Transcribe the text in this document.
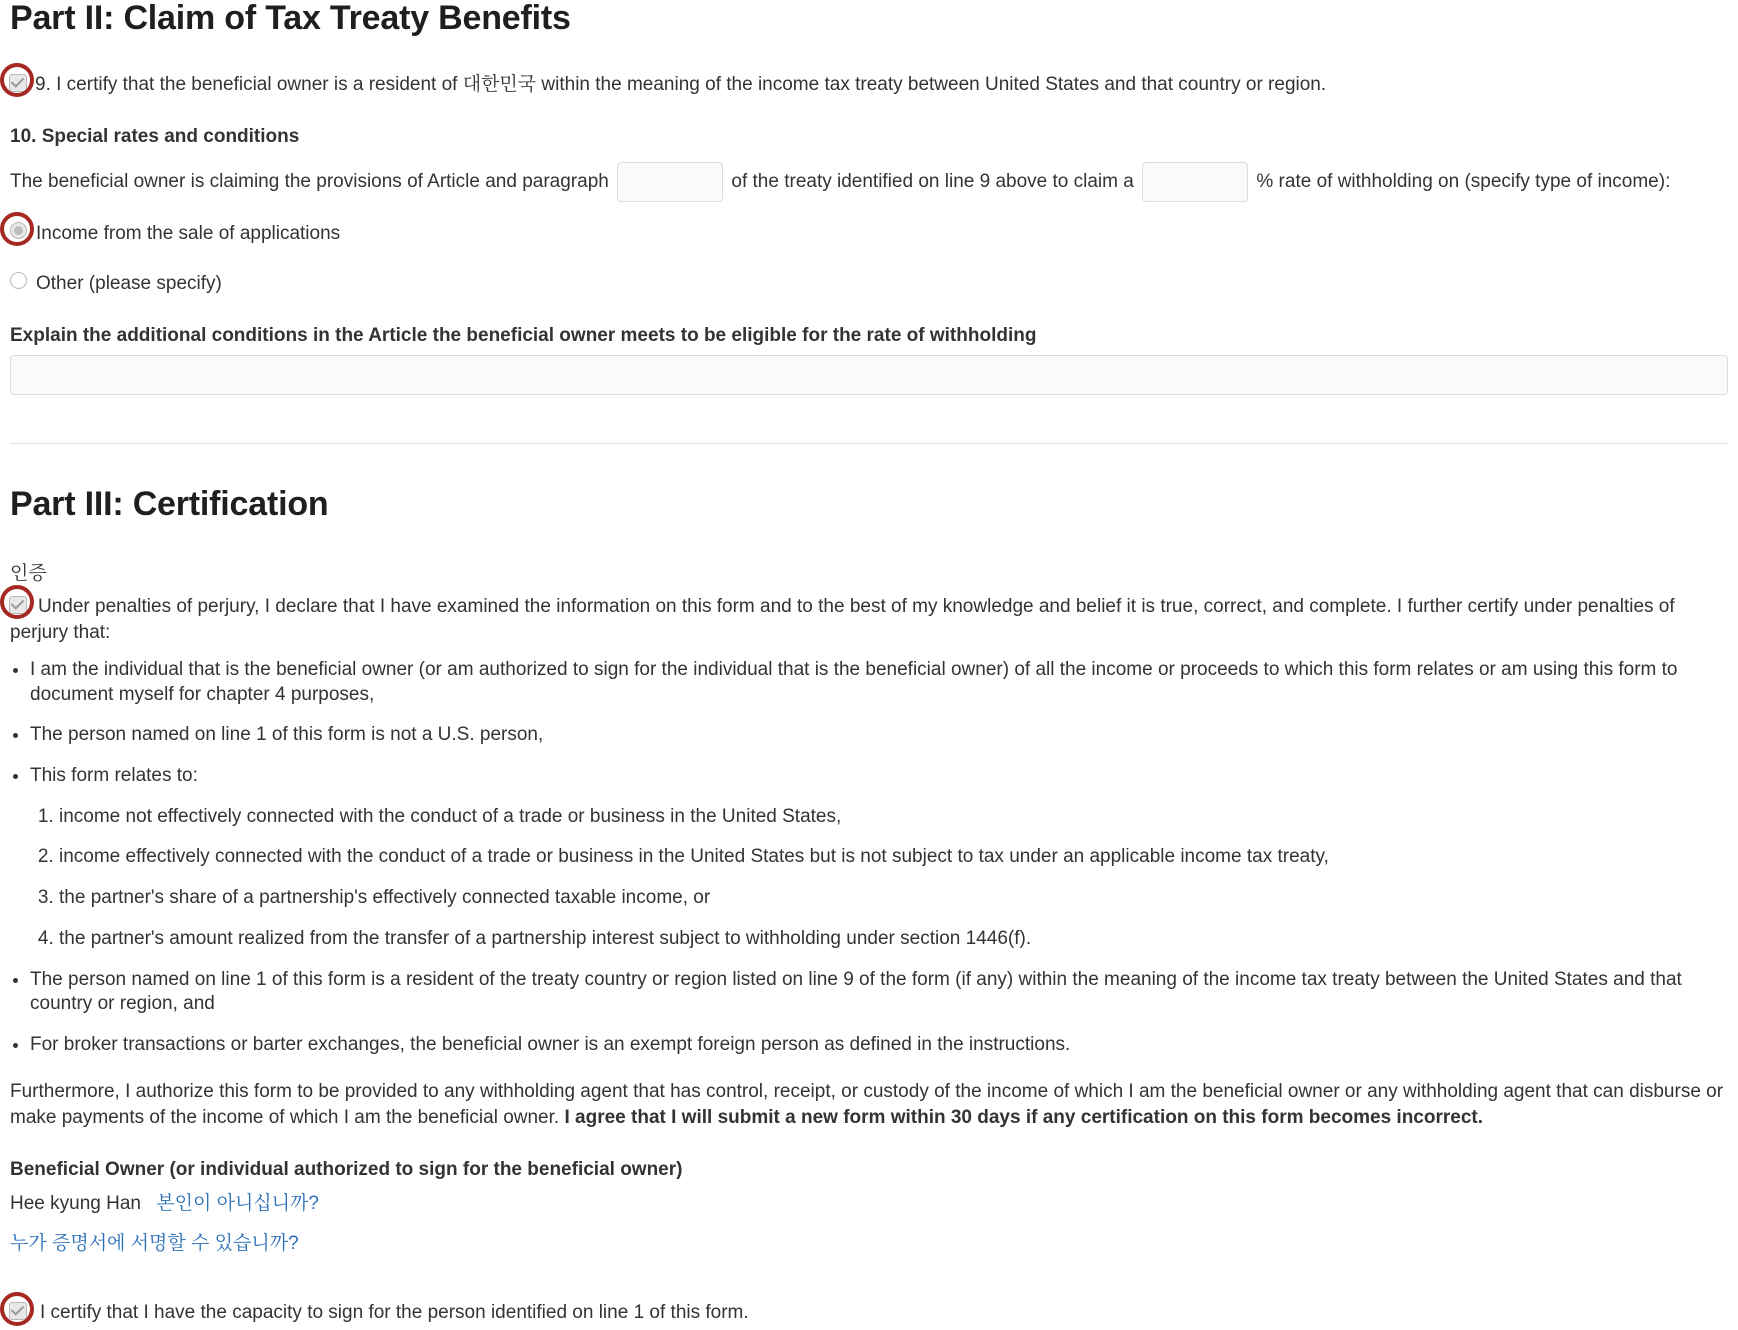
Part II: Claim of Tax Treaty Benefits
9. I certify that the beneficial owner is a resident of 대한민국 within the meaning of the income tax treaty between United States and that country or region.
10. Special rates and conditions
The beneficial owner is claiming the provisions of Article and paragraph	of the treaty identified on line 9 above to claim a	% rate of withholding on (specify type of income):
Income from the sale of applications
Other (please specify)
Explain the additional conditions in the Article the beneficial owner meets to be eligible for the rate of withholding
Part III: Certification
인증
Under penalties of perjury, I declare that I have examined the information on this form and to the best of my knowledge and belief it is true, correct, and complete. I further certify under penalties of perjury that:
• I am the individual that is the beneficial owner (or am authorized to sign for the individual that is the beneficial owner) of all the income or proceeds to which this form relates or am using this form to document myself for chapter 4 purposes,
• The person named on line 1 of this form is not a U.S. person,
• This form relates to:
1. income not effectively connected with the conduct of a trade or business in the United States,
2. income effectively connected with the conduct of a trade or business in the United States but is not subject to tax under an applicable income tax treaty,
3. the partner's share of a partnership's effectively connected taxable income, or
4. the partner's amount realized from the transfer of a partnership interest subject to withholding under section 1446(f).
• The person named on line 1 of this form is a resident of the treaty country or region listed on line 9 of the form (if any) within the meaning of the income tax treaty between the United States and that country or region, and
• For broker transactions or barter exchanges, the beneficial owner is an exempt foreign person as defined in the instructions.
Furthermore, I authorize this form to be provided to any withholding agent that has control, receipt, or custody of the income of which I am the beneficial owner or any withholding agent that can disburse or make payments of the income of which I am the beneficial owner. I agree that I will submit a new form within 30 days if any certification on this form becomes incorrect.
Beneficial Owner (or individual authorized to sign for the beneficial owner)
Hee kyung Han 본인이 아니십니까?
누가 증명서에 서명할 수 있습니까?
I certify that I have the capacity to sign for the person identified on line 1 of this form.
